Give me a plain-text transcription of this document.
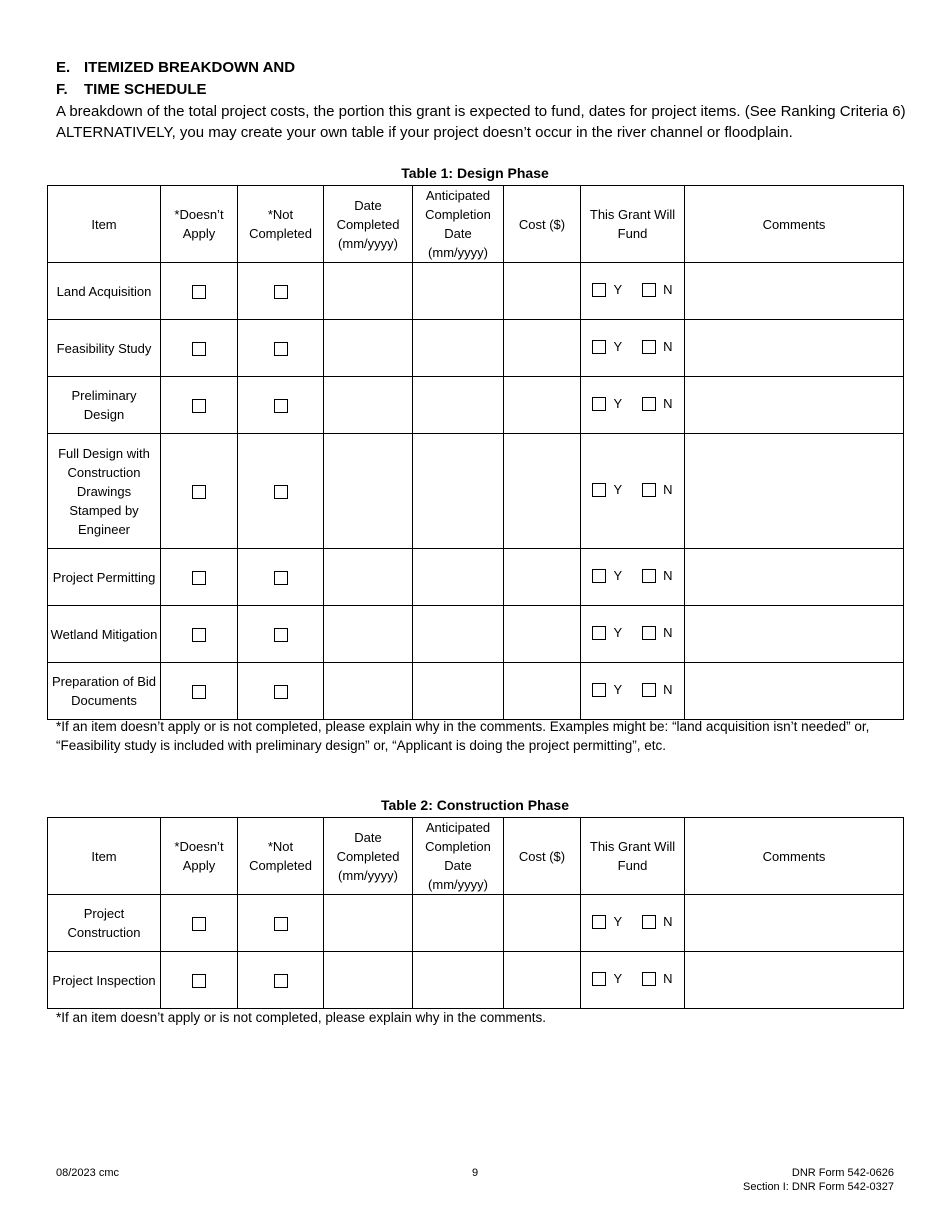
E. ITEMIZED BREAKDOWN AND
F. TIME SCHEDULE
A breakdown of the total project costs, the portion this grant is expected to fund, dates for project items. (See Ranking Criteria 6) ALTERNATIVELY, you may create your own table if your project doesn’t occur in the river channel or floodplain.
Table 1: Design Phase
Item	*Doesn’t Apply	*Not Completed	Date Completed (mm/yyyy)	Anticipated Completion Date (mm/yyyy)	Cost ($)	This Grant Will Fund	Comments
Land Acquisition						Y N	

Feasibility Study						Y N	

Preliminary Design						Y N	

Full Design with Construction Drawings Stamped by Engineer						Y N	

Project Permitting						Y N	

Wetland Mitigation						Y N	

Preparation of Bid Documents						Y N	

*If an item doesn’t apply or is not completed, please explain why in the comments. Examples might be: “land acquisition isn’t needed” or, “Feasibility study is included with preliminary design” or, “Applicant is doing the project permitting”, etc.
Table 2: Construction Phase
Item	*Doesn’t Apply	*Not Completed	Date Completed (mm/yyyy)	Anticipated Completion Date (mm/yyyy)	Cost ($)	This Grant Will Fund	Comments
Project Construction						Y N	

Project Inspection						Y N	

*If an item doesn’t apply or is not completed, please explain why in the comments.
08/2023 cmc	9	DNR Form 542-0626
Section I: DNR Form 542-0327
